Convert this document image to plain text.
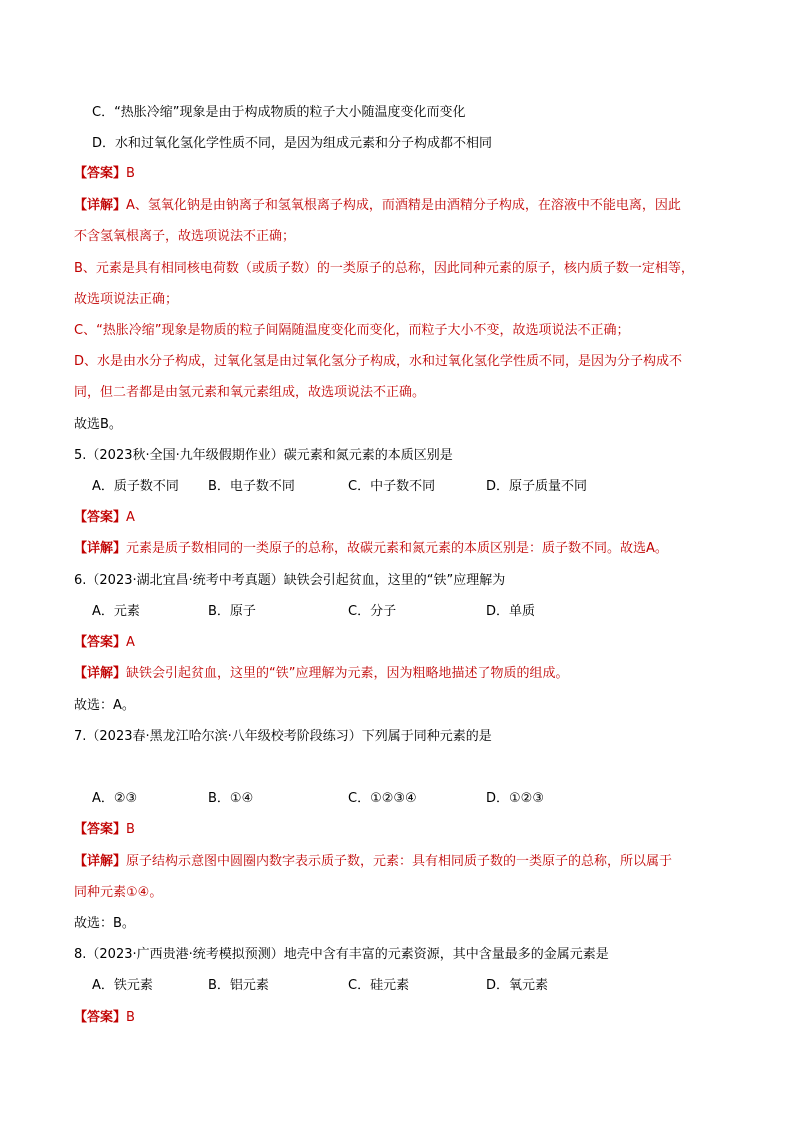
C．“热胀冷缩”现象是由于构成物质的粒子大小随温度变化而变化
D．水和过氧化氢化学性质不同，是因为组成元素和分子构成都不相同
【答案】B
【详解】A、氢氧化钠是由钠离子和氢氧根离子构成，而酒精是由酒精分子构成，在溶液中不能电离，因此
不含氢氧根离子，故选项说法不正确；
B、元素是具有相同核电荷数（或质子数）的一类原子的总称，因此同种元素的原子，核内质子数一定相等，
故选项说法正确；
C、“热胀冷缩”现象是物质的粒子间隔随温度变化而变化，而粒子大小不变，故选项说法不正确；
D、水是由水分子构成，过氧化氢是由过氧化氢分子构成，水和过氧化氢化学性质不同，是因为分子构成不
同，但二者都是由氢元素和氧元素组成，故选项说法不正确。
故选B。
5.（2023秋·全国·九年级假期作业）碳元素和氮元素的本质区别是
A．质子数不同 B．电子数不同	C．中子数不同	D．原子质量不同
【答案】A
【详解】元素是质子数相同的一类原子的总称，故碳元素和氮元素的本质区别是：质子数不同。故选A。
6.（2023·湖北宜昌·统考中考真题）缺铁会引起贫血，这里的“铁”应理解为
A．元素	B．原子	C．分子	D．单质
【答案】A
【详解】缺铁会引起贫血，这里的“铁”应理解为元素，因为粗略地描述了物质的组成。
故选：A。
7.（2023春·黑龙江哈尔滨·八年级校考阶段练习）下列属于同种元素的是
A．②③	B．①④	C．①②③④	D．①②③
【答案】B
【详解】原子结构示意图中圆圈内数字表示质子数，元素：具有相同质子数的一类原子的总称，所以属于
同种元素①④。
故选：B。
8.（2023·广西贵港·统考模拟预测）地壳中含有丰富的元素资源，其中含量最多的金属元素是
A．铁元素	B．铝元素	C．硅元素	D．氧元素
【答案】B
